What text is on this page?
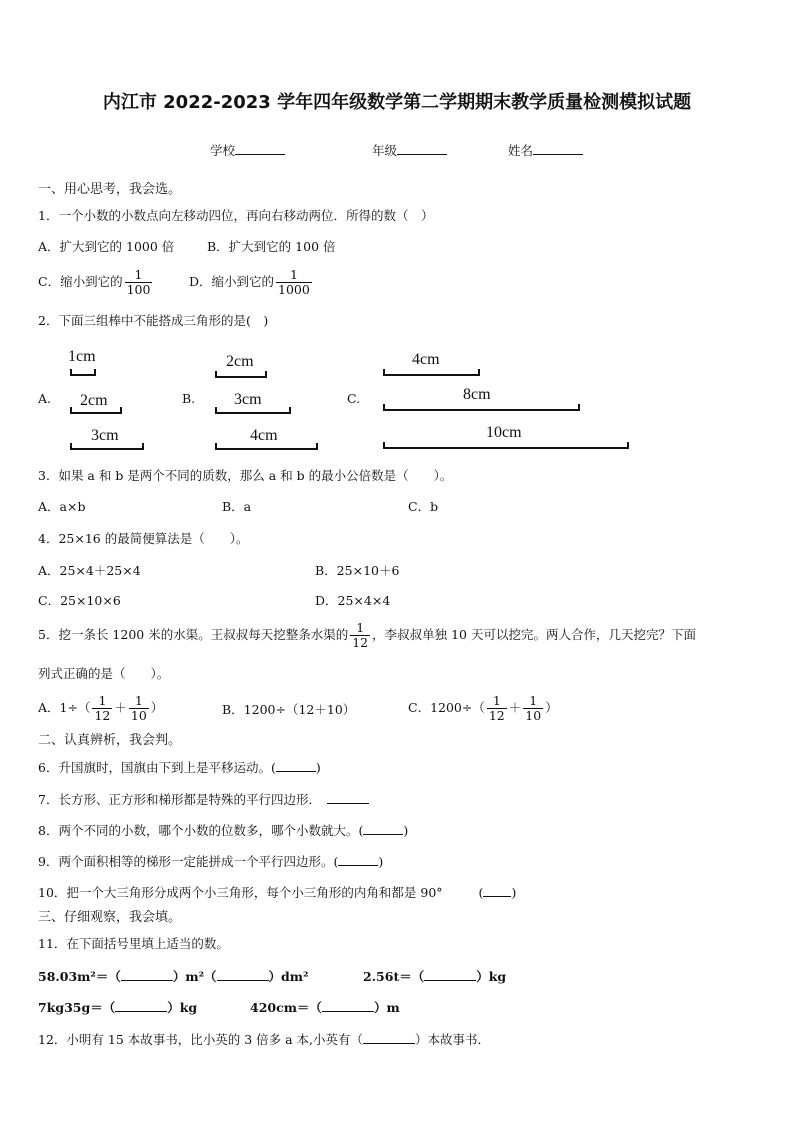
内江市 2022-2023 学年四年级数学第二学期期末教学质量检测模拟试题
学校	年级	姓名
一、用心思考，我会选。
1．一个小数的小数点向左移动四位，再向右移动两位．所得的数（　）
A．扩大到它的 1000 倍	B．扩大到它的 100 倍
C．缩小到它的 $\frac{1}{100}$	D．缩小到它的 $\frac{1}{1000}$
2．下面三组棒中不能搭成三角形的是(　)
A.	B.	C.
1cm
2cm
3cm
2cm
3cm
4cm
4cm
8cm
10cm
3．如果 a 和 b 是两个不同的质数，那么 a 和 b 的最小公倍数是（　　）。
A．a×b	B．a	C．b
4．25×16 的最简便算法是（　　）。
A．25×4＋25×4	B．25×10＋6
C．25×10×6	D．25×4×4
5．挖一条长 1200 米的水渠。王叔叔每天挖整条水渠的 $\frac{1}{12}$ ，李叔叔单独 10 天可以挖完。两人合作，几天挖完？下面
列式正确的是（　　）。
A．$1\div( \frac{1}{12} + \frac{1}{10}$ ）	B．1200÷（12＋10）	C．$1200\div( \frac{1}{12} + \frac{1}{10}$ ）
二、认真辨析，我会判。
6．升国旗时，国旗由下到上是平移运动。(	)
7．长方形、正方形和梯形都是特殊的平行四边形．
8．两个不同的小数，哪个小数的位数多，哪个小数就大。(	)
9．两个面积相等的梯形一定能拼成一个平行四边形。(	)
10．把一个大三角形分成两个小三角形，每个小三角形的内角和都是 90°	( )
三、仔细观察，我会填。
11．在下面括号里填上适当的数。
58.03m²＝（	）m²（	）dm²	2.56t＝（	）kg
7kg35g＝（	）kg	420cm＝（	）m
12．小明有 15 本故事书，比小英的 3 倍多 a 本,小英有（	）本故事书．
